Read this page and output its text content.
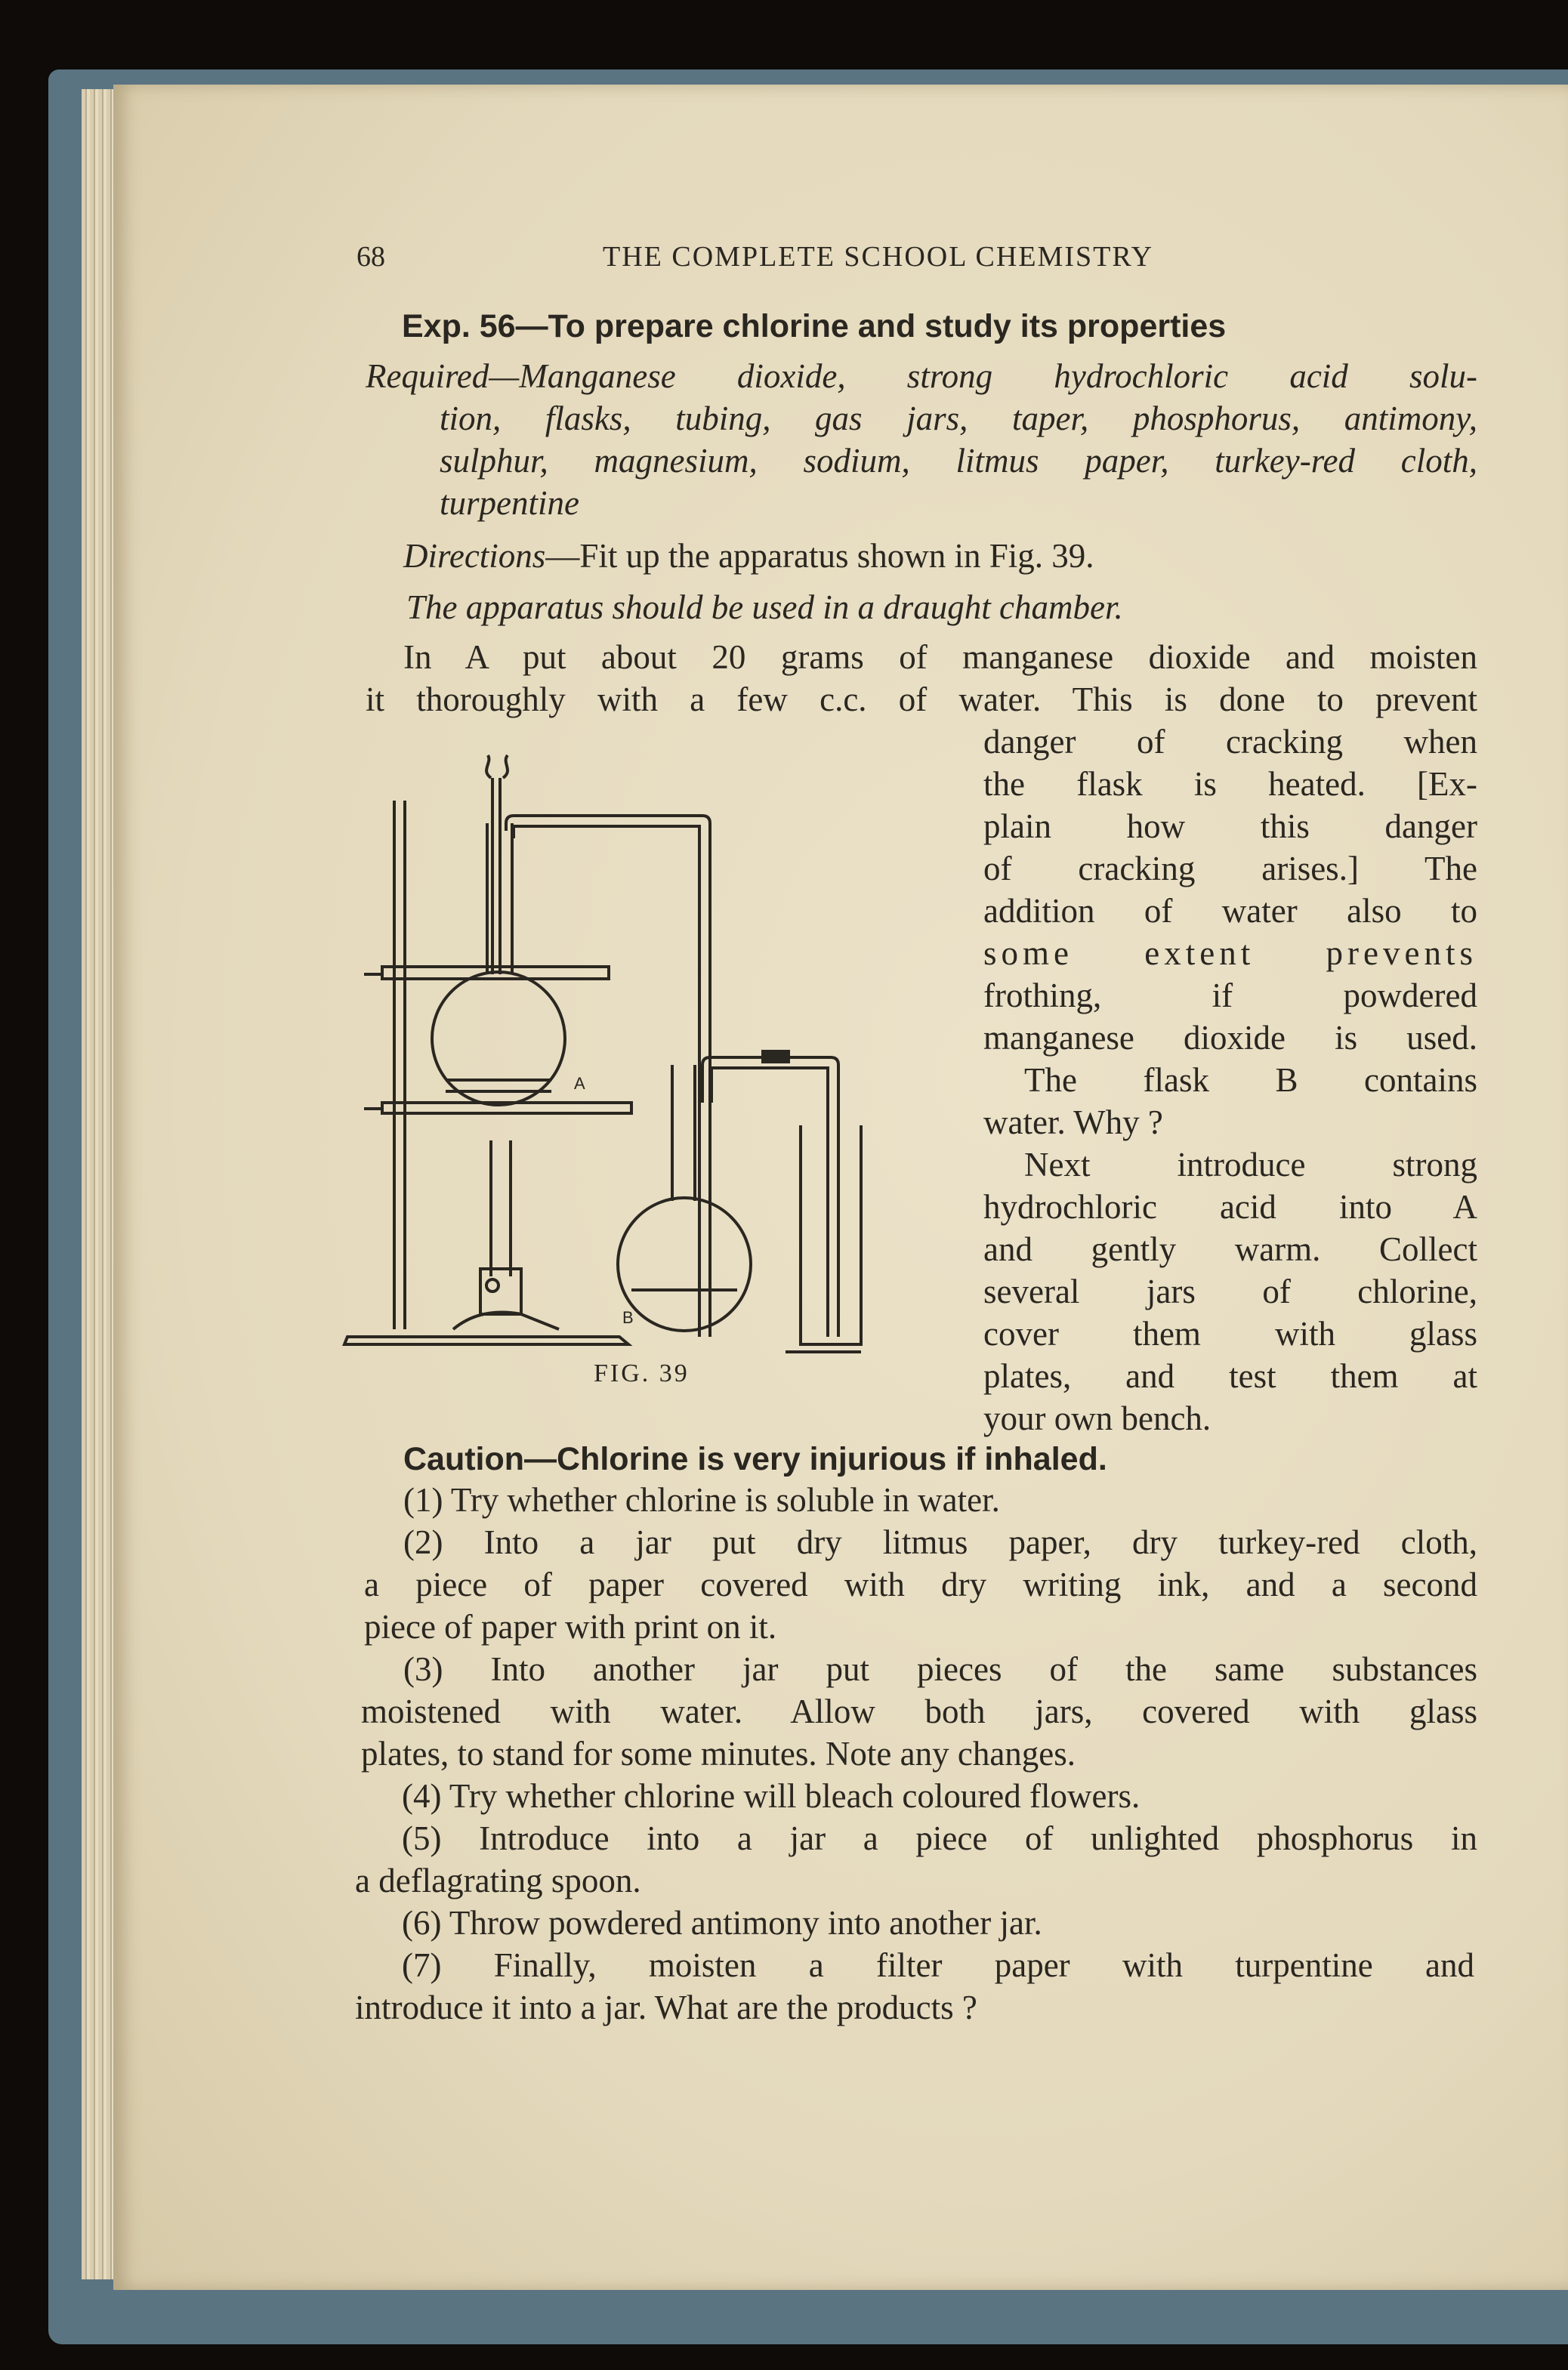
68	THE COMPLETE SCHOOL CHEMISTRY
Exp. 56—To prepare chlorine and study its properties
Required—Manganese dioxide, strong hydrochloric acid solu-
tion, flasks, tubing, gas jars, taper, phosphorus, antimony,
sulphur, magnesium, sodium, litmus paper, turkey-red cloth,
turpentine
Directions—Fit up the apparatus shown in Fig. 39.
The apparatus should be used in a draught chamber.
In A put about 20 grams of manganese dioxide and moisten
it thoroughly with a few c.c. of water. This is done to prevent
Caution—Chlorine is very injurious if inhaled.
(1) Try whether chlorine is soluble in water.
(2) Into a jar put dry litmus paper, dry turkey-red cloth,
a piece of paper covered with dry writing ink, and a second
piece of paper with print on it.
(3) Into another jar put pieces of the same substances
moistened with water. Allow both jars, covered with glass
plates, to stand for some minutes. Note any changes.
(4) Try whether chlorine will bleach coloured flowers.
(5) Introduce into a jar a piece of unlighted phosphorus in
a deflagrating spoon.
(6) Throw powdered antimony into another jar.
(7) Finally, moisten a filter paper with turpentine and
introduce it into a jar. What are the products ?
danger of cracking when
the flask is heated. [Ex-
plain how this danger
of cracking arises.] The
addition of water also to
some extent prevents
frothing, if powdered
manganese dioxide is used.
The flask B contains
water. Why ?
Next introduce strong
hydrochloric acid into A
and gently warm. Collect
several jars of chlorine,
cover them with glass
plates, and test them at
your own bench.
A
B
FIG. 39
